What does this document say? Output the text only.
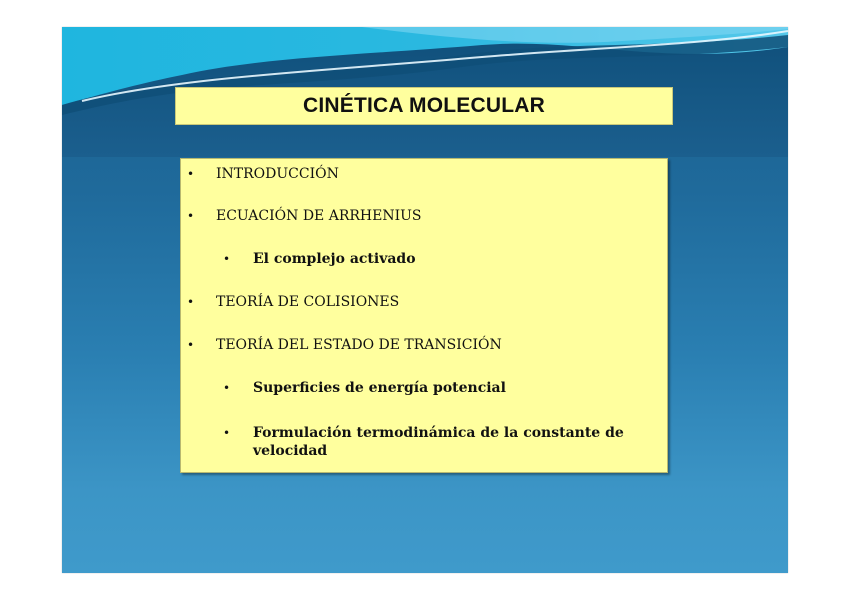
CINÉTICA MOLECULAR
• INTRODUCCIÓN
• ECUACIÓN DE ARRHENIUS
• El complejo activado
• TEORÍA DE COLISIONES
• TEORÍA DEL ESTADO DE TRANSICIÓN
• Superficies de energía potencial
• Formulación termodinámica de la constante de velocidad
